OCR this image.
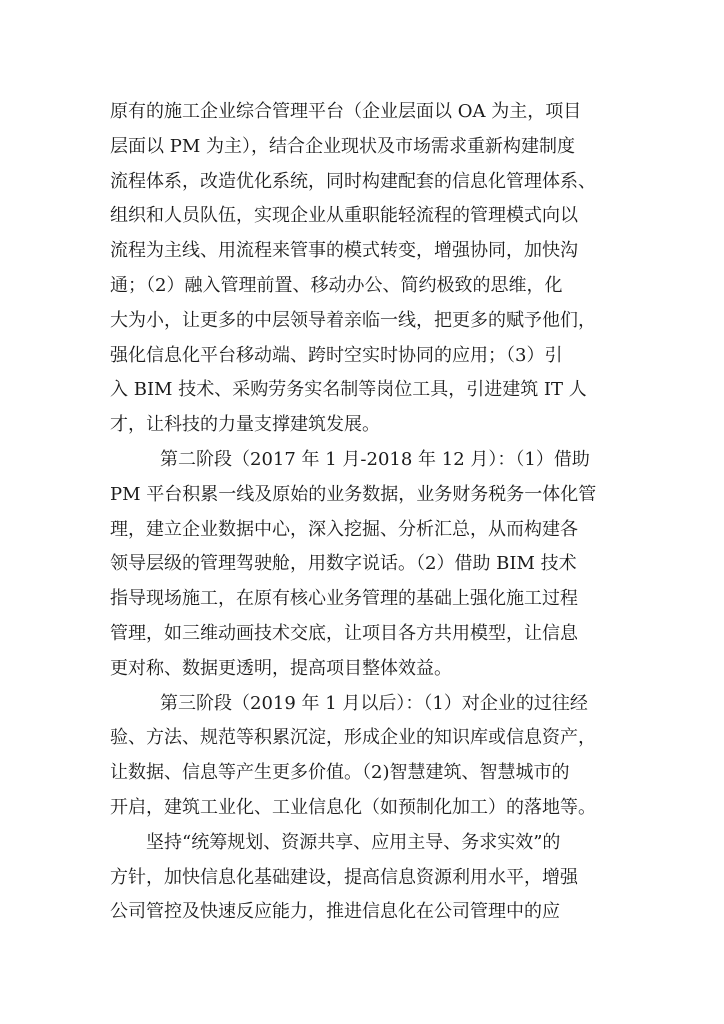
原有的施工企业综合管理平台（企业层面以 OA 为主，项目
层面以 PM 为主），结合企业现状及市场需求重新构建制度
流程体系，改造优化系统，同时构建配套的信息化管理体系、
组织和人员队伍，实现企业从重职能轻流程的管理模式向以
流程为主线、用流程来管事的模式转变，增强协同，加快沟
通；（2）融入管理前置、移动办公、简约极致的思维，化
大为小，让更多的中层领导着亲临一线，把更多的赋予他们，
强化信息化平台移动端、跨时空实时协同的应用；（3）引
入 BIM 技术、采购劳务实名制等岗位工具，引进建筑 IT 人
才，让科技的力量支撑建筑发展。
第二阶段（2017 年 1 月-2018 年 12 月）：（1）借助
PM 平台积累一线及原始的业务数据，业务财务税务一体化管
理，建立企业数据中心，深入挖掘、分析汇总，从而构建各
领导层级的管理驾驶舱，用数字说话。（2）借助 BIM 技术
指导现场施工，在原有核心业务管理的基础上强化施工过程
管理，如三维动画技术交底，让项目各方共用模型，让信息
更对称、数据更透明，提高项目整体效益。
第三阶段（2019 年 1 月以后）：（1）对企业的过往经
验、方法、规范等积累沉淀，形成企业的知识库或信息资产，
让数据、信息等产生更多价值。（2)智慧建筑、智慧城市的
开启，建筑工业化、工业信息化（如预制化加工）的落地等。
坚持“统筹规划、资源共享、应用主导、务求实效”的
方针，加快信息化基础建设，提高信息资源利用水平，增强
公司管控及快速反应能力，推进信息化在公司管理中的应
